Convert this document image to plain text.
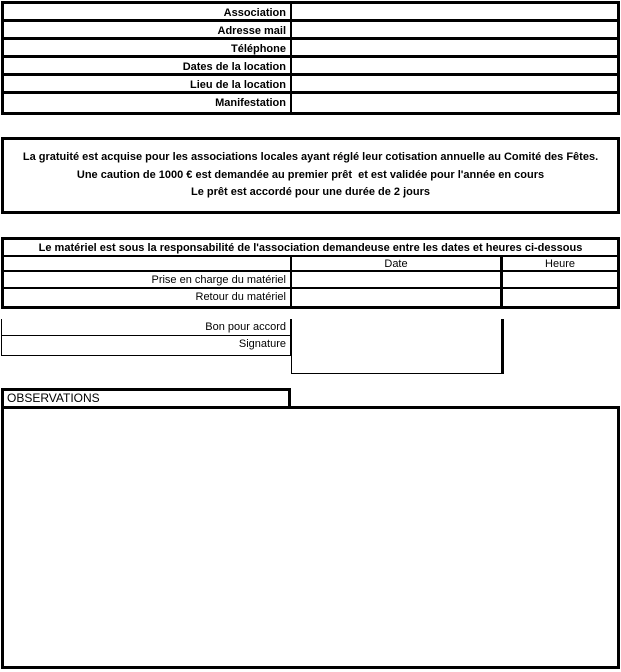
Association
Adresse mail
Téléphone
Dates de la location
Lieu de la location
Manifestation
La gratuité est acquise pour les associations locales ayant réglé leur cotisation annuelle au Comité des Fêtes.
Une caution de 1000 € est demandée au premier prêt  et est validée pour l'année en cours
Le prêt est accordé pour une durée de 2 jours
Le matériel est sous la responsabilité de l'association demandeuse entre les dates et heures ci-dessous
Date	Heure
Prise en charge du matériel
Retour du matériel
Bon pour accord
Signature
OBSERVATIONS
